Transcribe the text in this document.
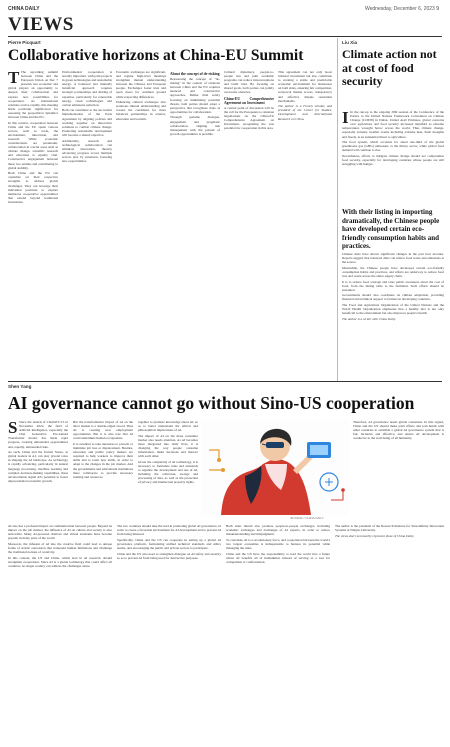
CHINA DAILY	Wednesday, December 6, 2023 9
VIEWS
Pierre Picquart
Collaborative horizons at China-EU Summit

T The upcoming summit between China and the European Union on Dec 7 presents two economic and global players an opportunity to deepen their collaboration and explore new possibilities for cooperation. As international relations evolve rapidly, this meeting holds particular significance for assessing the geopolitical dynamics between China and the EU.

In this context, cooperation between China and the EU spans various sectors, such as trade, the environment, innovation, and research. While economic considerations are paramount, collaboration in crucial areas such as climate change, scientific research and education is equally vital. Constructive engagement between these two entities and contributing to global stability.

Both China and the EU can capitalize on their respective strengths to address global challenges. They can leverage their individual positions to explore numerous cooperative opportunities that extend beyond traditional boundaries.

Environmental cooperation is notably important, with joint projects in green technologies and sustainable energy. A balanced and mutually beneficial approach requires strategic partnerships and sharing of expertise, particularly for renewable energy, clean technologies and carbon emissions reduction.

Both can contribute to the successful implementation of the Paris Agreement by aligning policies and working together on innovative solutions to combat climate change. Promoting sustainable development will become a shared objective.

Additionally, research and technological collaboration can stimulate innovation, thereby advancing progress across multiple sectors and, by extension, fostering new opportunities.

Economic exchanges are significant, and regular high-level meetings strengthen mutual understanding between the Chinese and European people. Exchanges foster trust and open doors for common ground while respecting differences.

Enhancing cultural exchanges also promotes mutual understanding and creates the conditions for more balanced partnerships in science, education and tourism.

About the concept of de-risking

Reassessing the concept of "de-risking" in the context of relations between China and the EU requires nuanced and constructive approaches. Rather than solely focusing on minimizing potential threats, both parties should adopt a perspective that recognizes risks as opportunities for collaboration.

Through genuine dialogue, engagement and pragmatic collaboration, aligning risk management with the pursuit of growth opportunities is possible.

Cultural diplomacy, people-to-people ties and joint academic programs can reduce misconceptions and build trust. By focusing on shared goals, both parties can jointly overcome obstacles.

China-EU Comprehensive Agreement on Investment

A central point of discussion will be the call for the Europeans to reinstate negotiations on the China-EU Comprehensive Agreement on Investment, recognizing the vast potential for cooperation in this area.

This agreement can not only boost bilateral investment but also contribute to creating a stable and predictable economic environment for businesses on both sides, ensuring fair competition, reciprocal market access, transparency and effective dispute resolution mechanisms.

The author is a French scholar, and president of the Center for Studies, Development and International Research on China.

Liu Xia
Climate action not at cost of food security

I In the run-up to the ongoing 28th session of the Conference of the Parties to the United Nations Framework Convention on Climate Change (COP28) in Dubai, United Arab Emirates, global concerns over agriculture and food security increased manifold as extreme temperatures wrought havoc across the world. Thus climate change, especially extreme weather events including extreme heat, flash droughts and floods, is an existential threat to agriculture.

The food system, which accounts for about one-third of the global greenhouse gas (GHG) emissions, is the thirsty sector, while global food demand will continue to rise.

Nevertheless, efforts to mitigate climate change should not compromise food security, especially for developing countries whose people are still struggling with hunger.

With their listing in importing dramatically, the Chinese people have developed certain eco-friendly consumption habits and practices.

Chinese diets have shown significant changes in the past four decades. Reports suggest that balanced diets can reduce food waste and emissions at the source.

Meanwhile, the Chinese people have developed certain eco-friendly consumption habits and practices, and efforts are underway to reduce food loss and waste across the entire supply chain.

It is to reduce food wastage and raise public awareness about the cost of food, from the dining table to the farmland. Such efforts should be sustained.

Governments should also coordinate on climate adaptation, providing financial and technical support to farmers in developing countries.

The Food and Agriculture Organization of the United Nations and the World Health Organization emphasize that a healthy diet is not only beneficial to the environment but also improves people's health.

The author is a writer with China Daily.

Shen Yang
AI governance cannot go without Sino-US cooperation

S Since the launch of ChatGPT-3.5 in November 2022, the field of artificial intelligence, especially the Chat Generative Pre-trained Transformer model, has made rapid progress, creating unbounded opportunities and, equally, unbounded risks.

As such, China and the United States, as global leaders in AI, can play pivotal roles in shaping the AI landscape. As technology is rapidly advancing, particularly in natural language processing, machine learning and complex decision-making capabilities, these advancements signal AI's potential to foster unprecedented economic growth.

But the transformative impact of AI on the labor market is a double-edged sword. Thus AI is creating new employment opportunities. But it is also true that AI could undermine human occupations.

It is essential to take measures to prevent or minimize job loss or displacement. Besides, education and public policy makers are required to help workers to improve their skills and to learn new skills, in order to adapt to the changes in the job market. And the governments and educational institutions must collaborate to provide necessary training and resources.

together to promote knowledge about AI, so as to better understand the ethical and philosophical implications of AI.

The impact of AI on the mass consumer market also needs attention. As AI becomes more integrated into daily lives, it is changing the way people consume information, make decisions and interact with each other.

Given the complexity of AI technology, it is necessary to formulate rules and standards to regulate the development and use of AI, including the collection, storage and processing of data, as well as the protection of privacy and intellectual property rights.

JIN DING / CHINA DAILY

Therefore, AI governance needs global consensus. In this regard, China and the US should make joint efforts and join hands with other countries to establish a global AI governance system that is fair, inclusive and effective, and ensure AI development is conducive to the well-being of all humanity.

AI also has a profound impact on communication between people. Beyond its impact on the job market, the influence of AI on culture and society is also noticeable. Many AI-powered chatbots and virtual assistants have become popular in many parts of the world.

Moreover, the infusion of AI into the creative field could lead to unique forms of artistic expression that transcend human limitations and challenge the traditional notions of creativity.

In this context, the US and China, which lead in AI research, should strengthen cooperation. Since AI is a global technology that could affect all countries, no single country can address the challenges alone.

The two countries should take the lead in promoting global AI governance, in order to create a favorable environment for AI development and to prevent AI from being misused.

Specifically, China and the US can cooperate in setting up a global AI governance platform, formulating unified technical standards and ethics norms, and encouraging the public and private sectors to participate.

China and the US also need to strengthen dialogue on AI safety and security so as to prevent AI from being used for destructive purposes.

Both sides should also promote people-to-people exchanges, including academic exchanges and exchanges of AI experts, in order to reduce misunderstanding and misjudgment.

To conclude, AI is a revolutionary force, and cooperation between the world's two largest economies is indispensable to harness its potential while managing the risks.

China and the US have the responsibility to lead the world into a future where AI benefits all of humankind, instead of serving as a tool for competition or confrontation.

The author is the president of the Research Institute for Sinu-Infinity Innovation Systems at Ningbo University.

The views don't necessarily represent those of China Daily.
